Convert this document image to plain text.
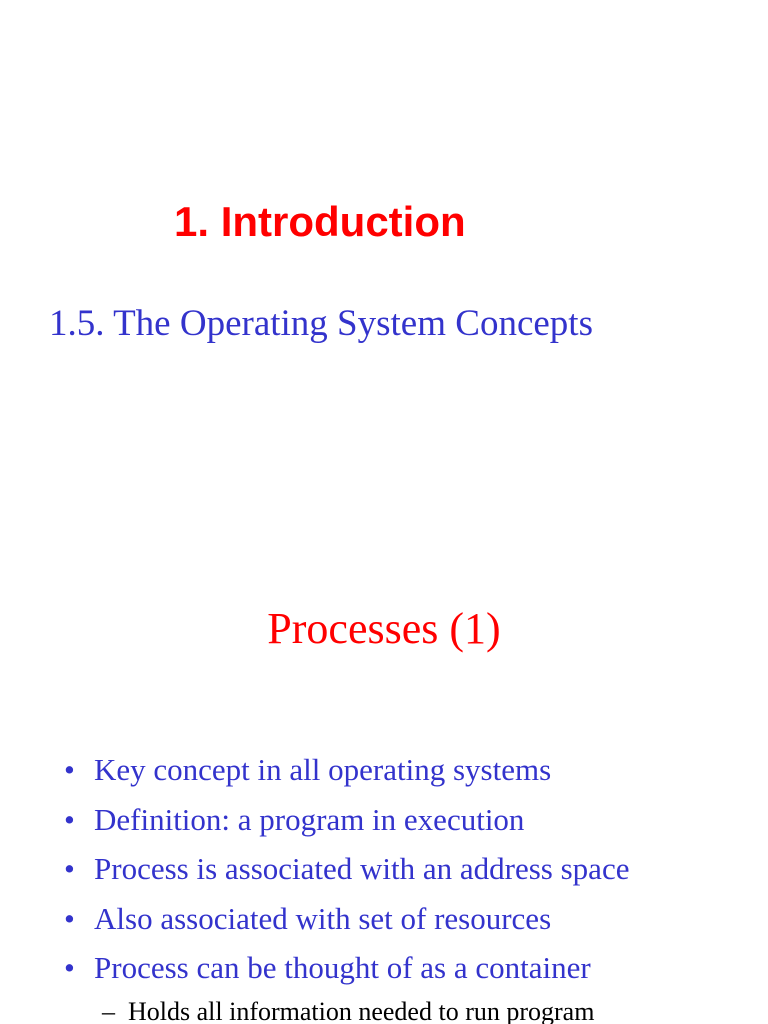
1. Introduction
1.5. The Operating System Concepts
Processes (1)
• Key concept in all operating systems
• Definition: a program in execution
• Process is associated with an address space
• Also associated with set of resources
• Process can be thought of as a container
– Holds all information needed to run program
